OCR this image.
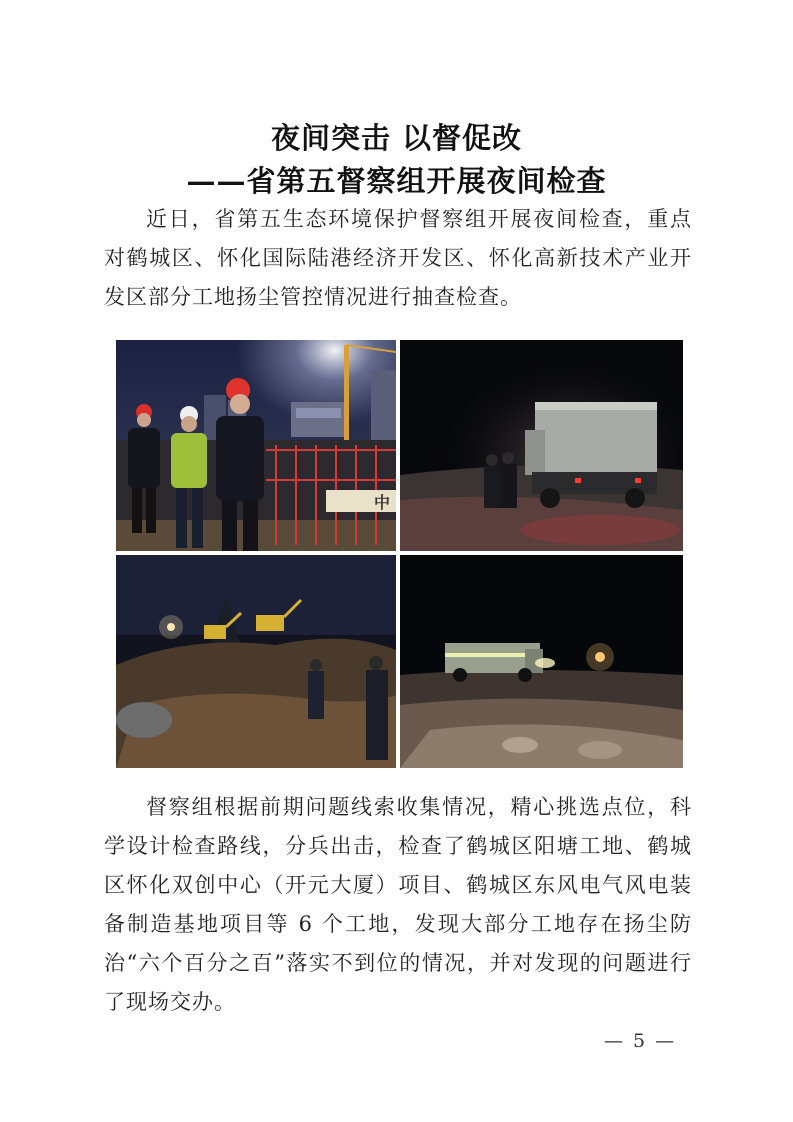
夜间突击 以督促改
——省第五督察组开展夜间检查

近日，省第五生态环境保护督察组开展夜间检查，重点对鹤城区、怀化国际陆港经济开发区、怀化高新技术产业开发区部分工地扬尘管控情况进行抽查检查。

中

督察组根据前期问题线索收集情况，精心挑选点位，科学设计检查路线，分兵出击，检查了鹤城区阳塘工地、鹤城区怀化双创中心（开元大厦）项目、鹤城区东风电气风电装备制造基地项目等 6 个工地，发现大部分工地存在扬尘防治“六个百分之百”落实不到位的情况，并对发现的问题进行了现场交办。

— 5 —
